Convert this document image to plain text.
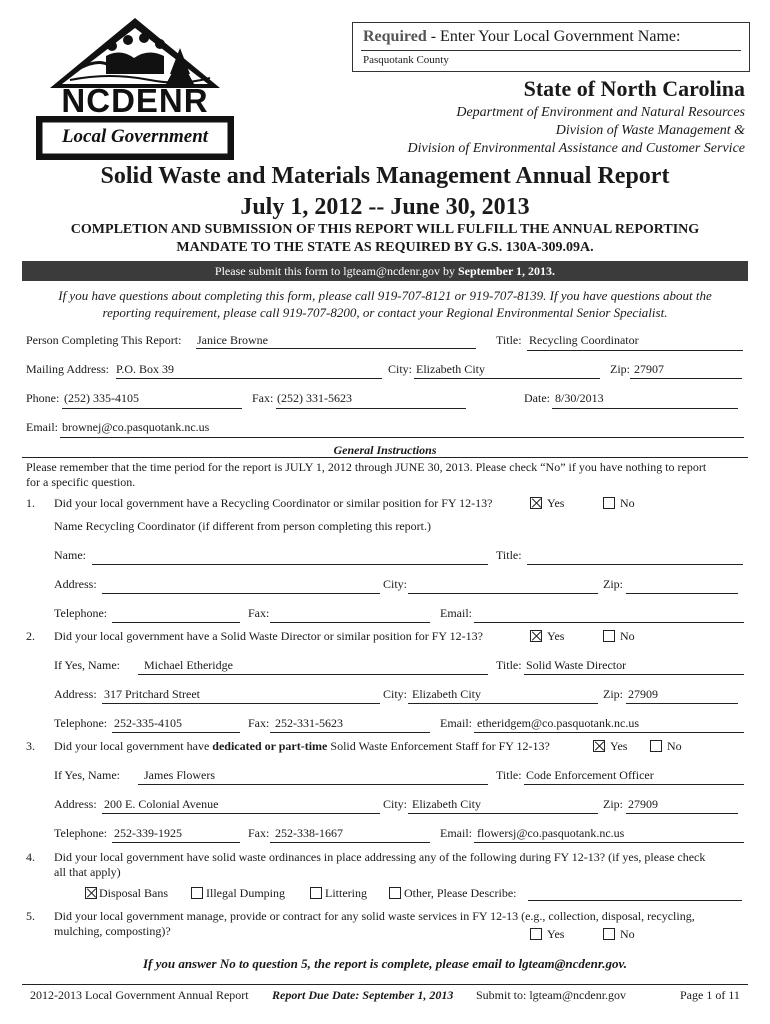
NCDENR
Local Government
Required - Enter Your Local Government Name:
Pasquotank County
State of North Carolina
Department of Environment and Natural Resources
Division of Waste Management &
Division of Environmental Assistance and Customer Service
Solid Waste and Materials Management Annual Report
July 1, 2012 -- June 30, 2013
COMPLETION AND SUBMISSION OF THIS REPORT WILL FULFILL THE ANNUAL REPORTING
MANDATE TO THE STATE AS REQUIRED BY G.S. 130A-309.09A.
Please submit this form to lgteam@ncdenr.gov by September 1, 2013.
If you have questions about completing this form, please call 919-707-8121 or 919-707-8139. If you have questions about the
reporting requirement, please call 919-707-8200, or contact your Regional Environmental Senior Specialist.
Person Completing This Report: Janice Browne	Title: Recycling Coordinator
Mailing Address: P.O. Box 39	City: Elizabeth City	Zip: 27907
Phone: (252) 335-4105	Fax: (252) 331-5623	Date: 8/30/2013
Email: brownej@co.pasquotank.nc.us
General Instructions
Please remember that the time period for the report is JULY 1, 2012 through JUNE 30, 2013. Please check “No” if you have nothing to report
for a specific question.
1. Did your local government have a Recycling Coordinator or similar position for FY 12-13?	Yes	No
Name Recycling Coordinator (if different from person completing this report.)
Name:	Title:
Address:	City:	Zip:
Telephone:	Fax:	Email:
2. Did your local government have a Solid Waste Director or similar position for FY 12-13?	Yes	No
If Yes, Name: Michael Etheridge	Title: Solid Waste Director
Address: 317 Pritchard Street	City: Elizabeth City	Zip: 27909
Telephone: 252-335-4105	Fax: 252-331-5623	Email: etheridgem@co.pasquotank.nc.us
3. Did your local government have dedicated or part-time Solid Waste Enforcement Staff for FY 12-13?	Yes	No
If Yes, Name: James Flowers	Title: Code Enforcement Officer
Address: 200 E. Colonial Avenue	City: Elizabeth City	Zip: 27909
Telephone: 252-339-1925	Fax: 252-338-1667	Email: flowersj@co.pasquotank.nc.us
4. Did your local government have solid waste ordinances in place addressing any of the following during FY 12-13? (if yes, please check
all that apply)
Disposal Bans	Illegal Dumping	Littering	Other, Please Describe:
5. Did your local government manage, provide or contract for any solid waste services in FY 12-13 (e.g., collection, disposal, recycling,
mulching, composting)?	Yes	No
If you answer No to question 5, the report is complete, please email to lgteam@ncdenr.gov.
2012-2013 Local Government Annual Report Report Due Date: September 1, 2013 Submit to: lgteam@ncdenr.gov	Page 1 of 11
